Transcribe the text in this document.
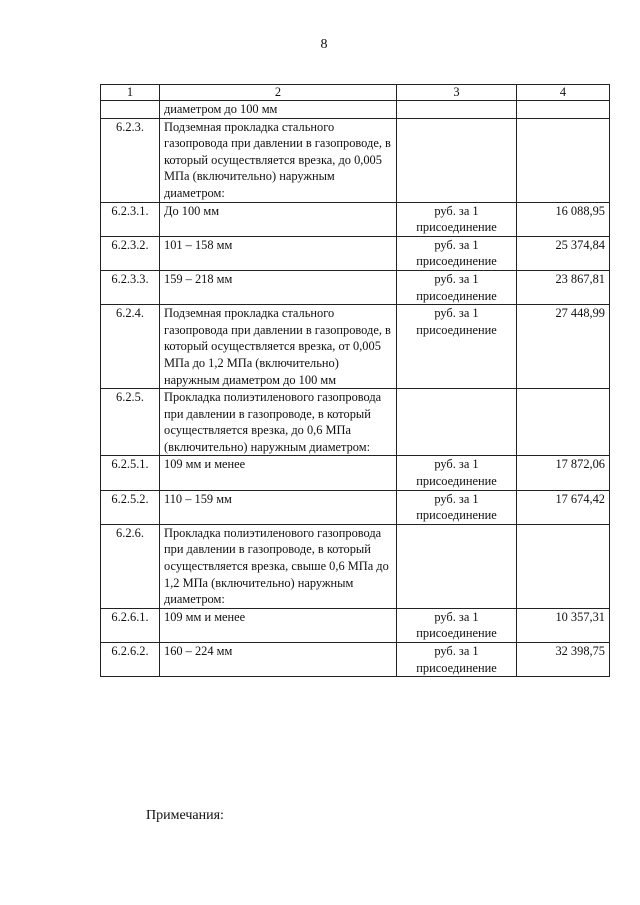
8
1	2	3	4
	диаметром до 100 мм		
6.2.3.	Подземная прокладка стального газопровода при давлении в газопроводе, в который осуществляется врезка, до 0,005 МПа (включительно) наружным диаметром:		
6.2.3.1.	До 100 мм	руб. за 1 присоединение	16 088,95
6.2.3.2.	101 – 158 мм	руб. за 1 присоединение	25 374,84
6.2.3.3.	159 – 218 мм	руб. за 1 присоединение	23 867,81
6.2.4.	Подземная прокладка стального газопровода при давлении в газопроводе, в который осуществляется врезка, от 0,005 МПа до 1,2 МПа (включительно) наружным диаметром до 100 мм	руб. за 1 присоединение	27 448,99
6.2.5.	Прокладка полиэтиленового газопровода при давлении в газопроводе, в который осуществляется врезка, до 0,6 МПа (включительно) наружным диаметром:		
6.2.5.1.	109 мм и менее	руб. за 1 присоединение	17 872,06
6.2.5.2.	110 – 159 мм	руб. за 1 присоединение	17 674,42
6.2.6.	Прокладка полиэтиленового газопровода при давлении в газопроводе, в который осуществляется врезка, свыше 0,6 МПа до 1,2 МПа (включительно) наружным диаметром:		
6.2.6.1.	109 мм и менее	руб. за 1 присоединение	10 357,31
6.2.6.2.	160 – 224 мм	руб. за 1 присоединение	32 398,75
Примечания:
